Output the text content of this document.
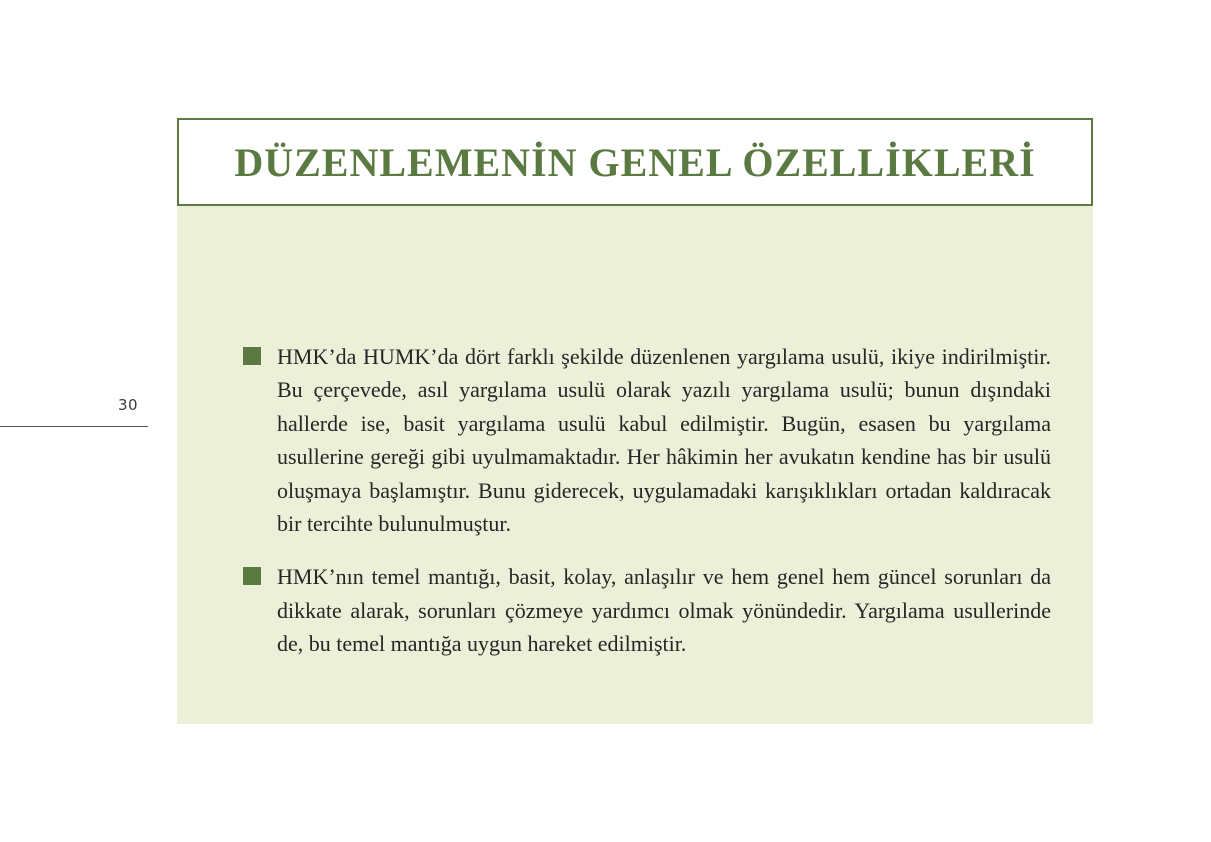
30
DÜZENLEMENİN GENEL ÖZELLİKLERİ

HMK’da HUMK’da dört farklı şekilde düzenlenen yargılama usulü, ikiye indirilmiştir. Bu çerçevede, asıl yargılama usulü olarak yazılı yargılama usulü; bunun dışındaki hallerde ise, basit yargılama usulü kabul edilmiştir. Bugün, esasen bu yargılama usullerine gereği gibi uyulmamaktadır. Her hâkimin her avukatın kendine has bir usulü oluşmaya başlamıştır. Bunu giderecek, uygulamadaki karışıklıkları ortadan kaldıracak bir tercihte bulunulmuştur.

HMK’nın temel mantığı, basit, kolay, anlaşılır ve hem genel hem güncel sorunları da dikkate alarak, sorunları çözmeye yardımcı olmak yönündedir. Yargılama usullerinde de, bu temel mantığa uygun hareket edilmiştir.
